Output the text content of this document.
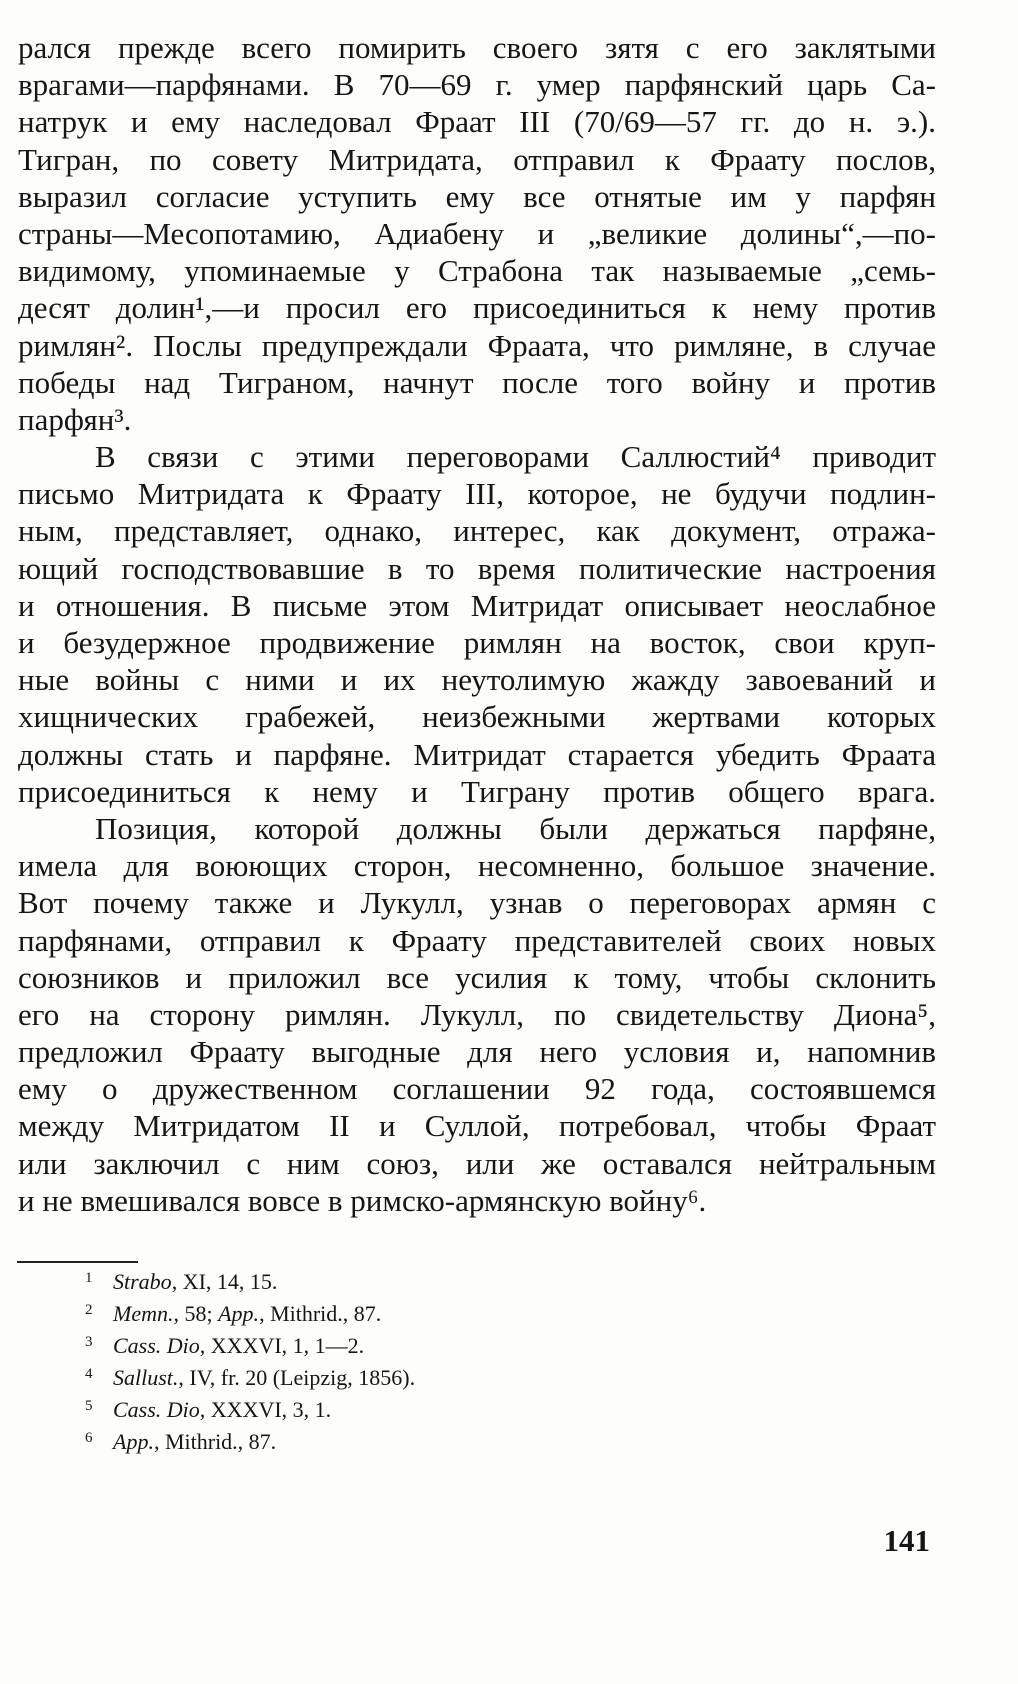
рался прежде всего помирить своего зятя с его заклятыми
врагами—парфянами. В 70—69 г. умер парфянский царь Са-
натрук и ему наследовал Фраат III (70/69—57 гг. до н. э.).
Тигран, по совету Митридата, отправил к Фраату послов,
выразил согласие уступить ему все отнятые им у парфян
страны—Месопотамию, Адиабену и „великие долины“,—по-
видимому, упоминаемые у Страбона так называемые „семь-
десят долин¹,—и просил его присоединиться к нему против
римлян². Послы предупреждали Фраата, что римляне, в случае
победы над Тиграном, начнут после того войну и против
парфян³.
В связи с этими переговорами Саллюстий⁴ приводит
письмо Митридата к Фраату III, которое, не будучи подлин-
ным, представляет, однако, интерес, как документ, отража-
ющий господствовавшие в то время политические настроения
и отношения. В письме этом Митридат описывает неослабное
и безудержное продвижение римлян на восток, свои круп-
ные войны с ними и их неутолимую жажду завоеваний и
хищнических грабежей, неизбежными жертвами которых
должны стать и парфяне. Митридат старается убедить Фраата
присоединиться к нему и Тиграну против общего врага.
Позиция, которой должны были держаться парфяне,
имела для воюющих сторон, несомненно, большое значение.
Вот почему также и Лукулл, узнав о переговорах армян с
парфянами, отправил к Фраату представителей своих новых
союзников и приложил все усилия к тому, чтобы склонить
его на сторону римлян. Лукулл, по свидетельству Диона⁵,
предложил Фраату выгодные для него условия и, напомнив
ему о дружественном соглашении 92 года, состоявшемся
между Митридатом II и Суллой, потребовал, чтобы Фраат
или заключил с ним союз, или же оставался нейтральным
и не вмешивался вовсе в римско-армянскую войну⁶.
1 Strabo, XI, 14, 15.
2 Memn., 58; App., Mithrid., 87.
3 Cass. Dio, XXXVI, 1, 1—2.
4 Sallust., IV, fr. 20 (Leipzig, 1856).
5 Cass. Dio, XXXVI, 3, 1.
6 App., Mithrid., 87.
141
